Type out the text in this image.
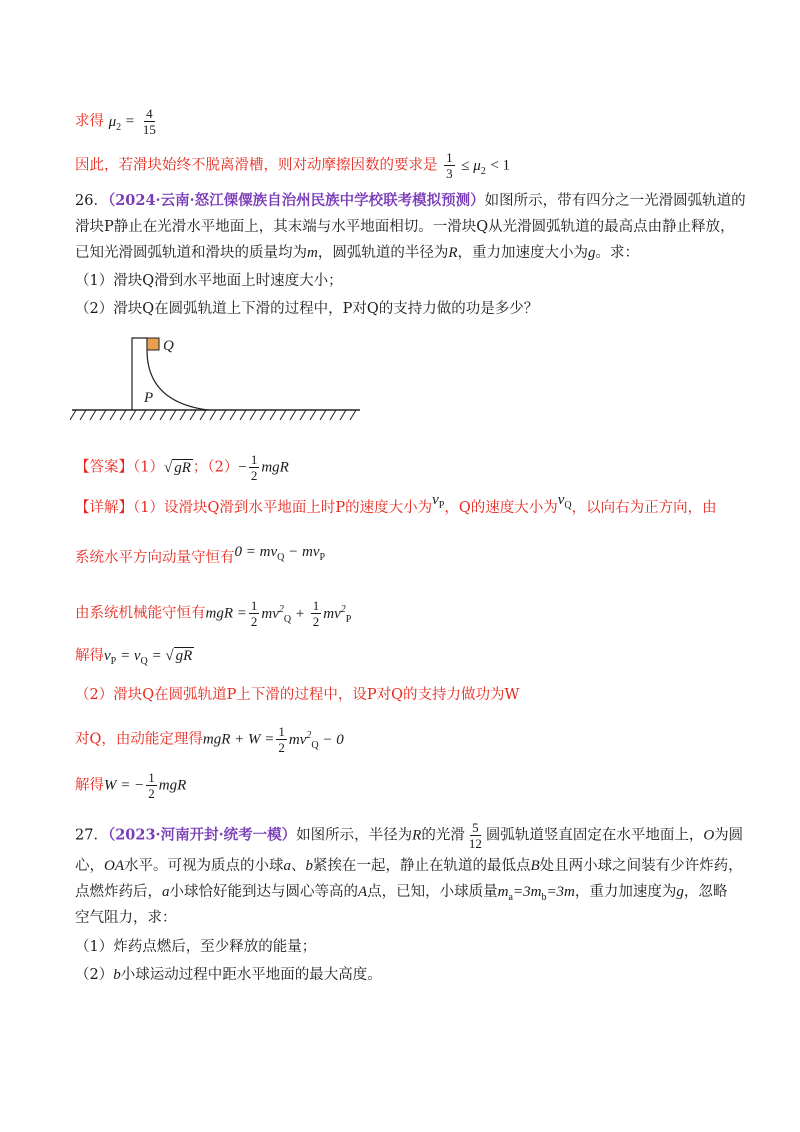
求得 $\mu_2 = \frac{4}{15}$
因此，若滑块始终不脱离滑槽，则对动摩擦因数的要求是 $\frac{1}{3} \le \mu_2 < 1$
26．（2024·云南·怒江傈僳族自治州民族中学校联考模拟预测）如图所示，带有四分之一光滑圆弧轨道的
滑块P静止在光滑水平地面上，其末端与水平地面相切。一滑块Q从光滑圆弧轨道的最高点由静止释放，
已知光滑圆弧轨道和滑块的质量均为m，圆弧轨道的半径为R，重力加速度大小为g。求：
（1）滑块Q滑到水平地面上时速度大小；
（2）滑块Q在圆弧轨道上下滑的过程中，P对Q的支持力做的功是多少？
Q
P
【答案】（1）√ gR ；$(2)- \frac{1}{2}$ mgR
【详解】（1）设滑块Q滑到水平地面上时P的速度大小为$v_P$，Q的速度大小为$v_Q$，以向右为正方向，由
系统水平方向动量守恒有$0 = mv_Q - mv_P$
由系统机械能守恒有mgR = $\frac{1}{2} mv^2_Q + \frac{1}{2} mv^2_P$
解得$v_P = v_Q$ = √ gR
（2）滑块Q在圆弧轨道P上下滑的过程中，设P对Q的支持力做功为W
对Q，由动能定理得mgR + $W = \frac{1}{2} mv^2_Q - 0$
解得W = − $\frac{1}{2}$ mgR
27．（2023·河南开封·统考一模）如图所示，半径为R的光滑 $\frac{5}{12}$ 圆弧轨道竖直固定在水平地面上，O为圆
心，OA水平。可视为质点的小球a、b紧挨在一起，静止在轨道的最低点B处且两小球之间装有少许炸药，
点燃炸药后，a小球恰好能到达与圆心等高的A点，已知，小球质量$m_a=3m_b=3m$，重力加速度为g，忽略
空气阻力，求：
（1）炸药点燃后，至少释放的能量；
（2）b小球运动过程中距水平地面的最大高度。
